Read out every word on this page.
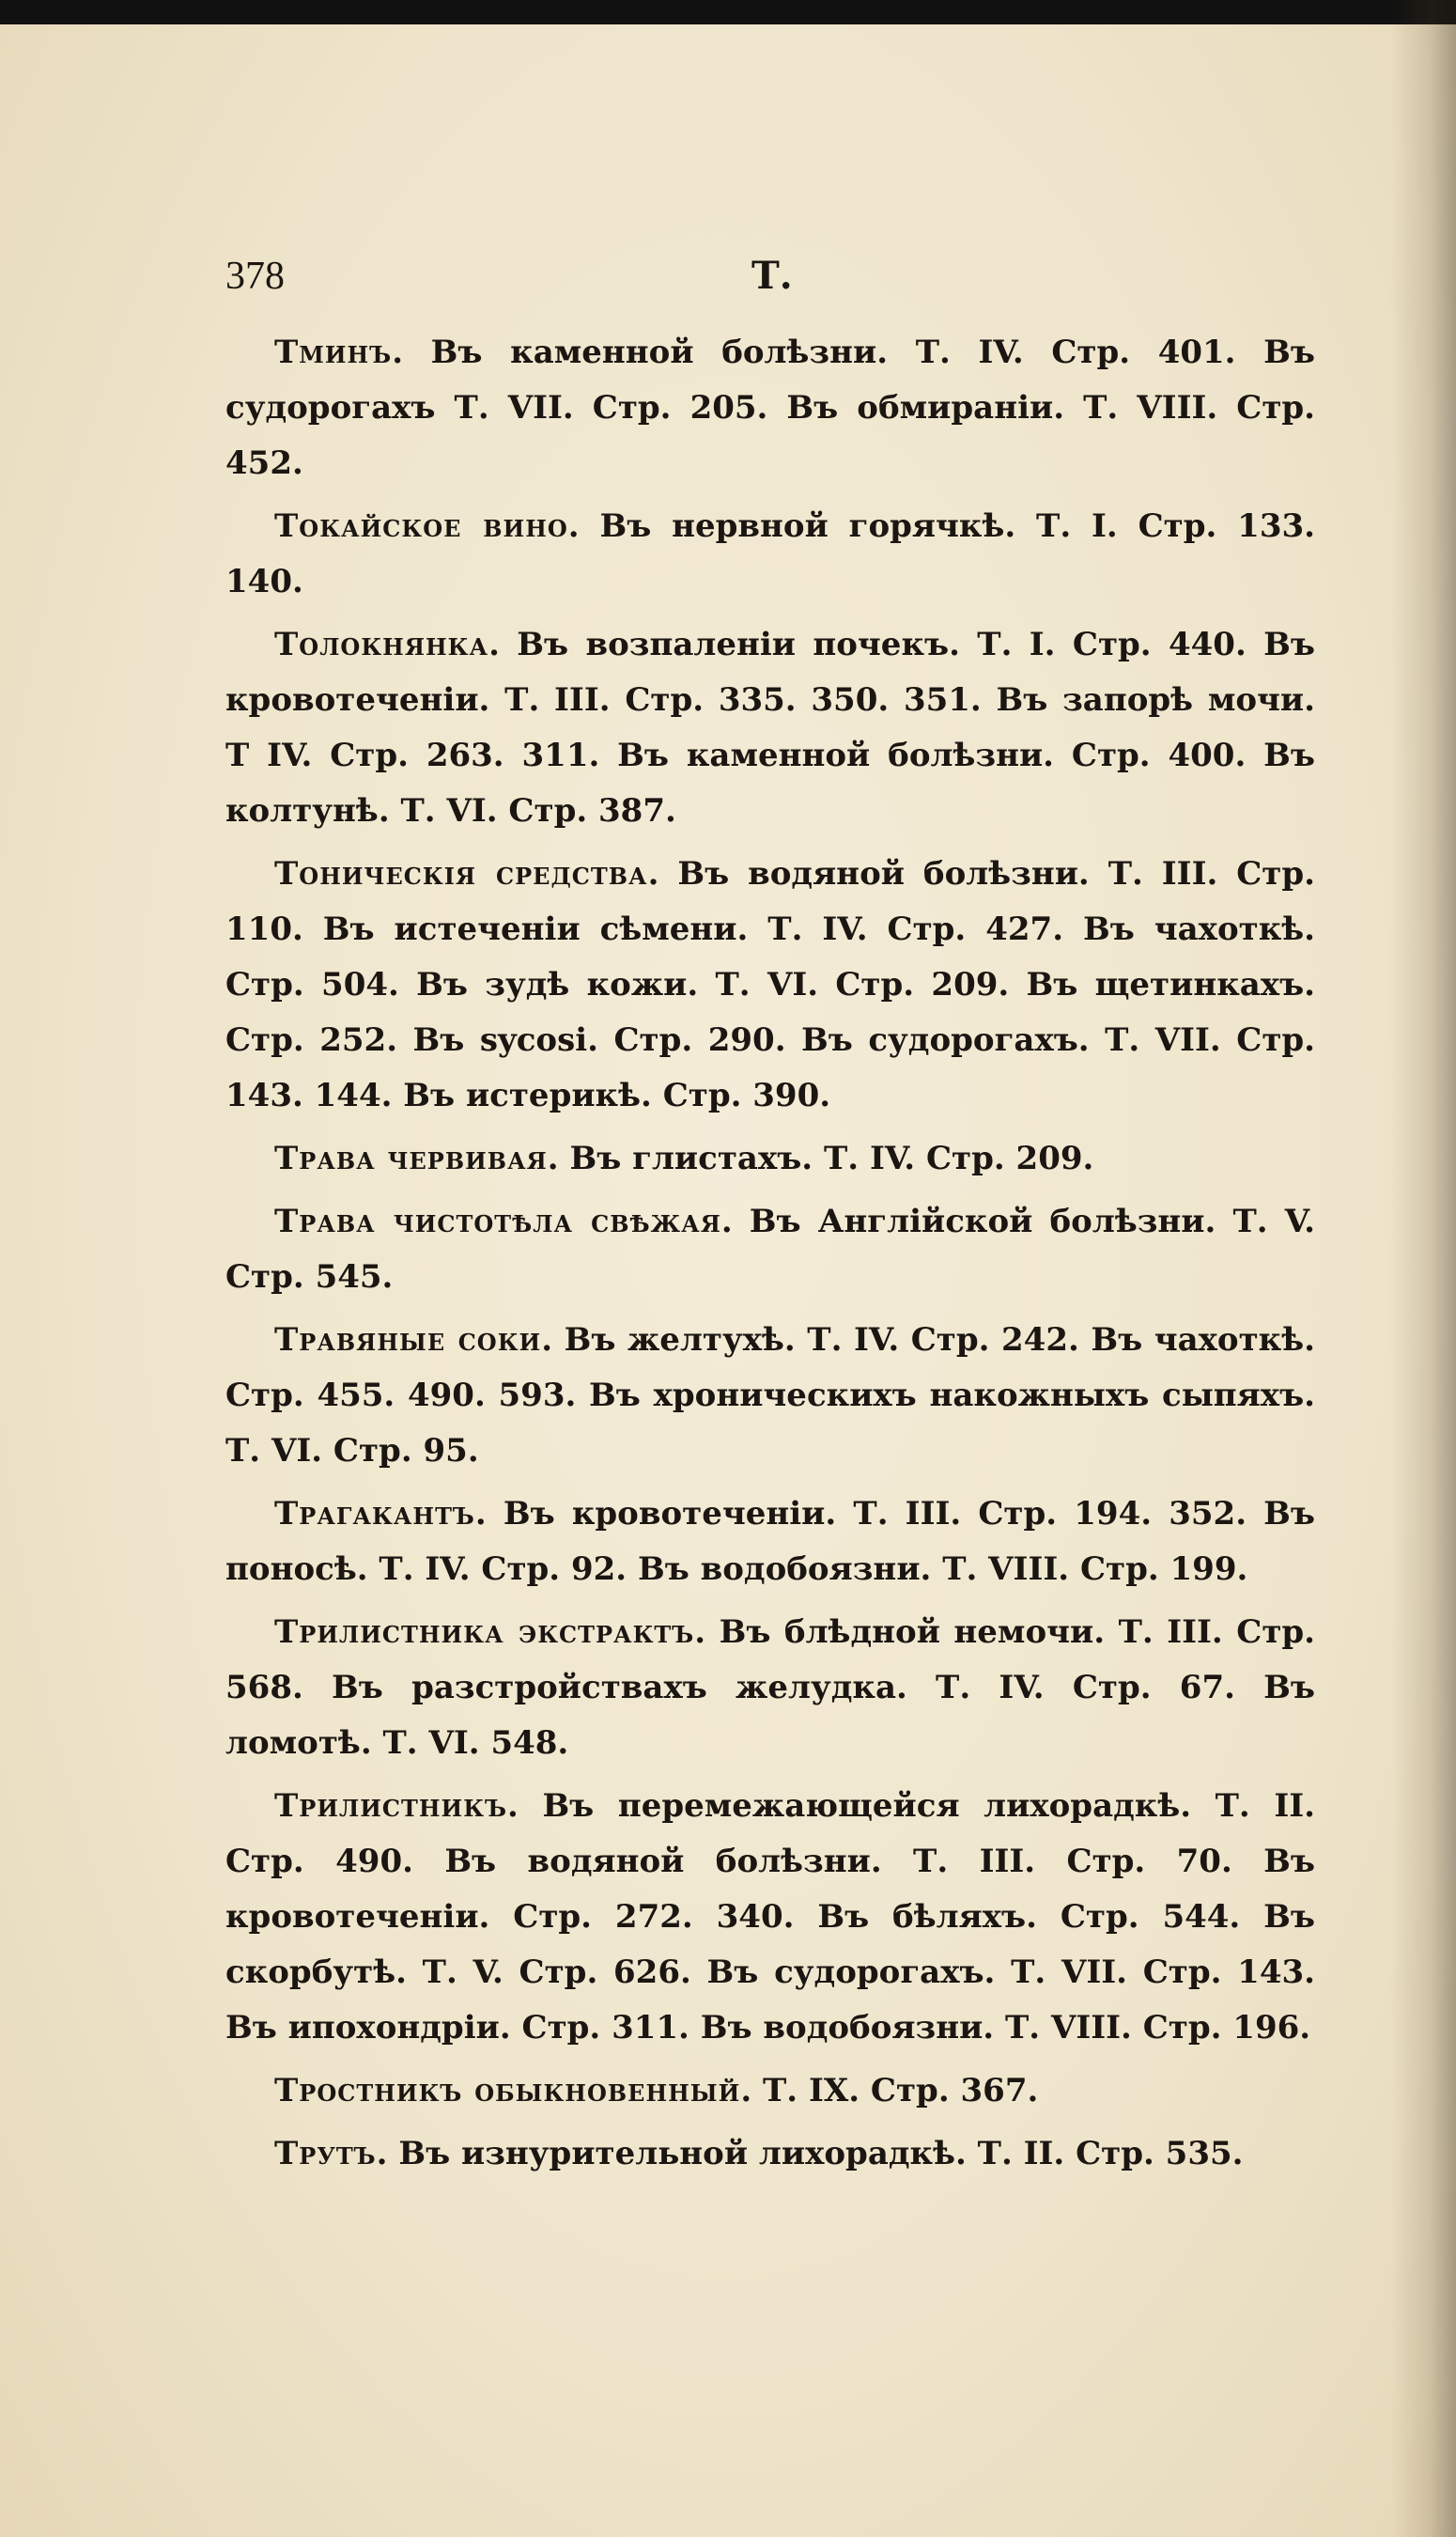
378	Т.

Тминъ. Въ каменной болѣзни. Т. IV. Стр. 401. Въ судорогахъ Т. VII. Стр. 205. Въ обмиранiи. Т. VIII. Стр. 452.

Токайское вино. Въ нервной горячкѣ. Т. I. Стр. 133. 140.

Толокнянка. Въ возпаленiи почекъ. Т. I. Стр. 440. Въ кровотеченiи. Т. III. Стр. 335. 350. 351. Въ запорѣ мочи. Т IV. Стр. 263. 311. Въ каменной болѣзни. Стр. 400. Въ колтунѣ. Т. VI. Стр. 387.

Тоническiя средства. Въ водяной болѣзни. Т. III. Стр. 110. Въ истеченiи сѣмени. Т. IV. Стр. 427. Въ чахоткѣ. Стр. 504. Въ зудѣ кожи. Т. VI. Стр. 209. Въ щетинкахъ. Стр. 252. Въ sycosi. Стр. 290. Въ судорогахъ. Т. VII. Стр. 143. 144. Въ истерикѣ. Стр. 390.

Трава червивая. Въ глистахъ. Т. IV. Стр. 209.

Трава чистотѣла свѣжая. Въ Англiйской болѣзни. Т. V. Стр. 545.

Травяные соки. Въ желтухѣ. Т. IV. Стр. 242. Въ чахоткѣ. Стр. 455. 490. 593. Въ хроническихъ накожныхъ сыпяхъ. Т. VI. Стр. 95.

Трагакантъ. Въ кровотеченiи. Т. III. Стр. 194. 352. Въ поносѣ. Т. IV. Стр. 92. Въ водобоязни. Т. VIII. Стр. 199.

Трилистника экстрактъ. Въ блѣдной немочи. Т. III. Стр. 568. Въ разстройствахъ желудка. Т. IV. Стр. 67. Въ ломотѣ. Т. VI. 548.

Трилистникъ. Въ перемежающейся лихорадкѣ. Т. II. Стр. 490. Въ водяной болѣзни. Т. III. Стр. 70. Въ кровотеченiи. Стр. 272. 340. Въ бѣляхъ. Стр. 544. Въ скорбутѣ. Т. V. Стр. 626. Въ судорогахъ. Т. VII. Стр. 143. Въ ипохондрiи. Стр. 311. Въ водобоязни. Т. VIII. Стр. 196.

Тростникъ обыкновенный. Т. IX. Стр. 367.

Трутъ. Въ изнурительной лихорадкѣ. Т. II. Стр. 535.
